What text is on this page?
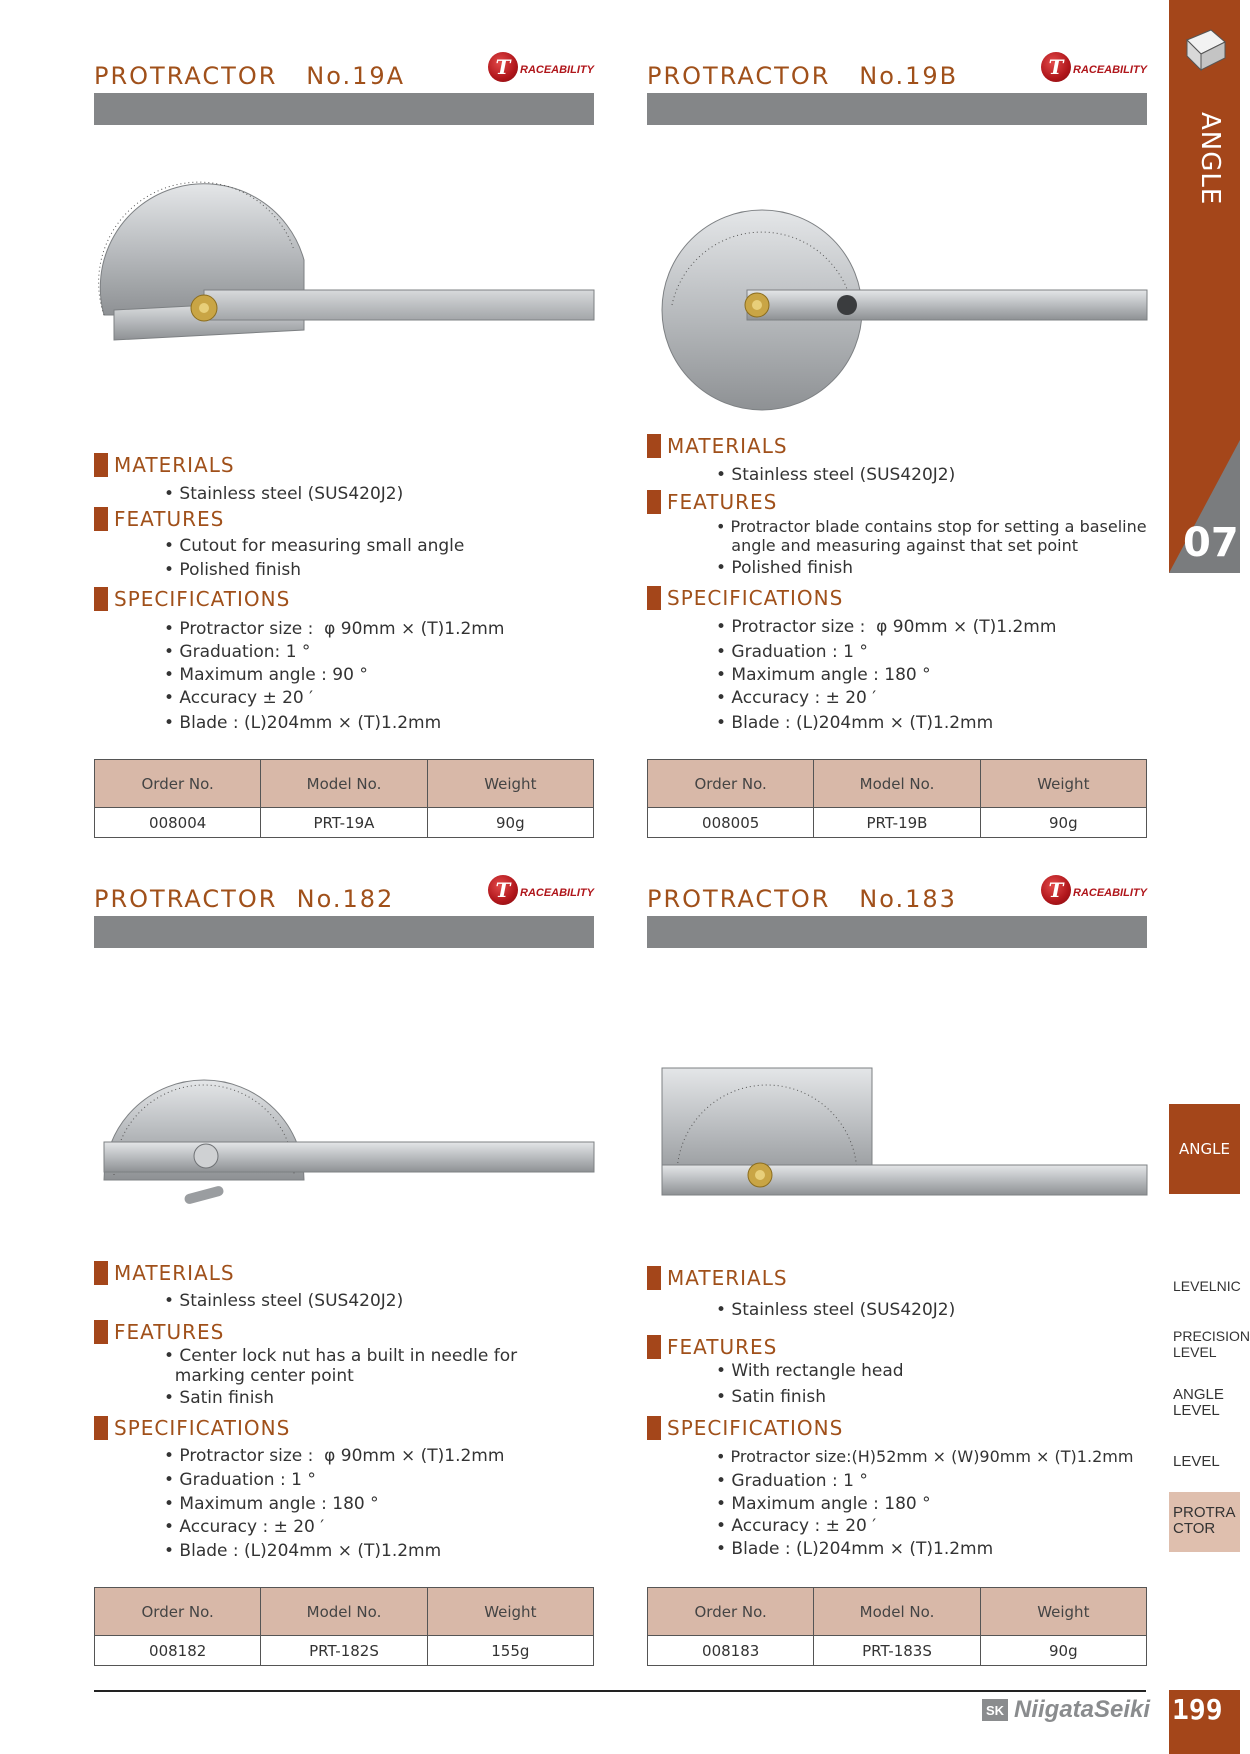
PROTRACTOR   No.19A	T RACEABILITY
MATERIALS
• Stainless steel (SUS420J2)
FEATURES
• Cutout for measuring small angle
• Polished finish
SPECIFICATIONS
• Protractor size :  φ 90mm × (T)1.2mm
• Graduation: 1 °
• Maximum angle : 90 °
• Accuracy ± 20 ′
• Blade : (L)204mm × (T)1.2mm
Order No.	Model No.	Weight
008004	PRT-19A	90g
PROTRACTOR   No.19B	T RACEABILITY
MATERIALS
• Stainless steel (SUS420J2)
FEATURES
• Protractor blade contains stop for setting a baseline
angle and measuring against that set point
• Polished finish
SPECIFICATIONS
• Protractor size :  φ 90mm × (T)1.2mm
• Graduation : 1 °
• Maximum angle : 180 °
• Accuracy : ± 20 ′
• Blade : (L)204mm × (T)1.2mm
Order No.	Model No.	Weight
008005	PRT-19B	90g
PROTRACTOR  No.182	T RACEABILITY
MATERIALS
• Stainless steel (SUS420J2)
FEATURES
• Center lock nut has a built in needle for
marking center point
• Satin finish
SPECIFICATIONS
• Protractor size :  φ 90mm × (T)1.2mm
• Graduation : 1 °
• Maximum angle : 180 °
• Accuracy : ± 20 ′
• Blade : (L)204mm × (T)1.2mm
Order No.	Model No.	Weight
008182	PRT-182S	155g
PROTRACTOR   No.183	T RACEABILITY
MATERIALS
• Stainless steel (SUS420J2)
FEATURES
• With rectangle head
• Satin finish
SPECIFICATIONS
• Protractor size:(H)52mm × (W)90mm × (T)1.2mm
• Graduation : 1 °
• Maximum angle : 180 °
• Accuracy : ± 20 ′
• Blade : (L)204mm × (T)1.2mm
Order No.	Model No.	Weight
008183	PRT-183S	90g
ANGLE
07
ANGLE
LEVELNIC
PRECISION
LEVEL
ANGLE
LEVEL
LEVEL
PROTRA
CTOR
SK NiigataSeiki 199
